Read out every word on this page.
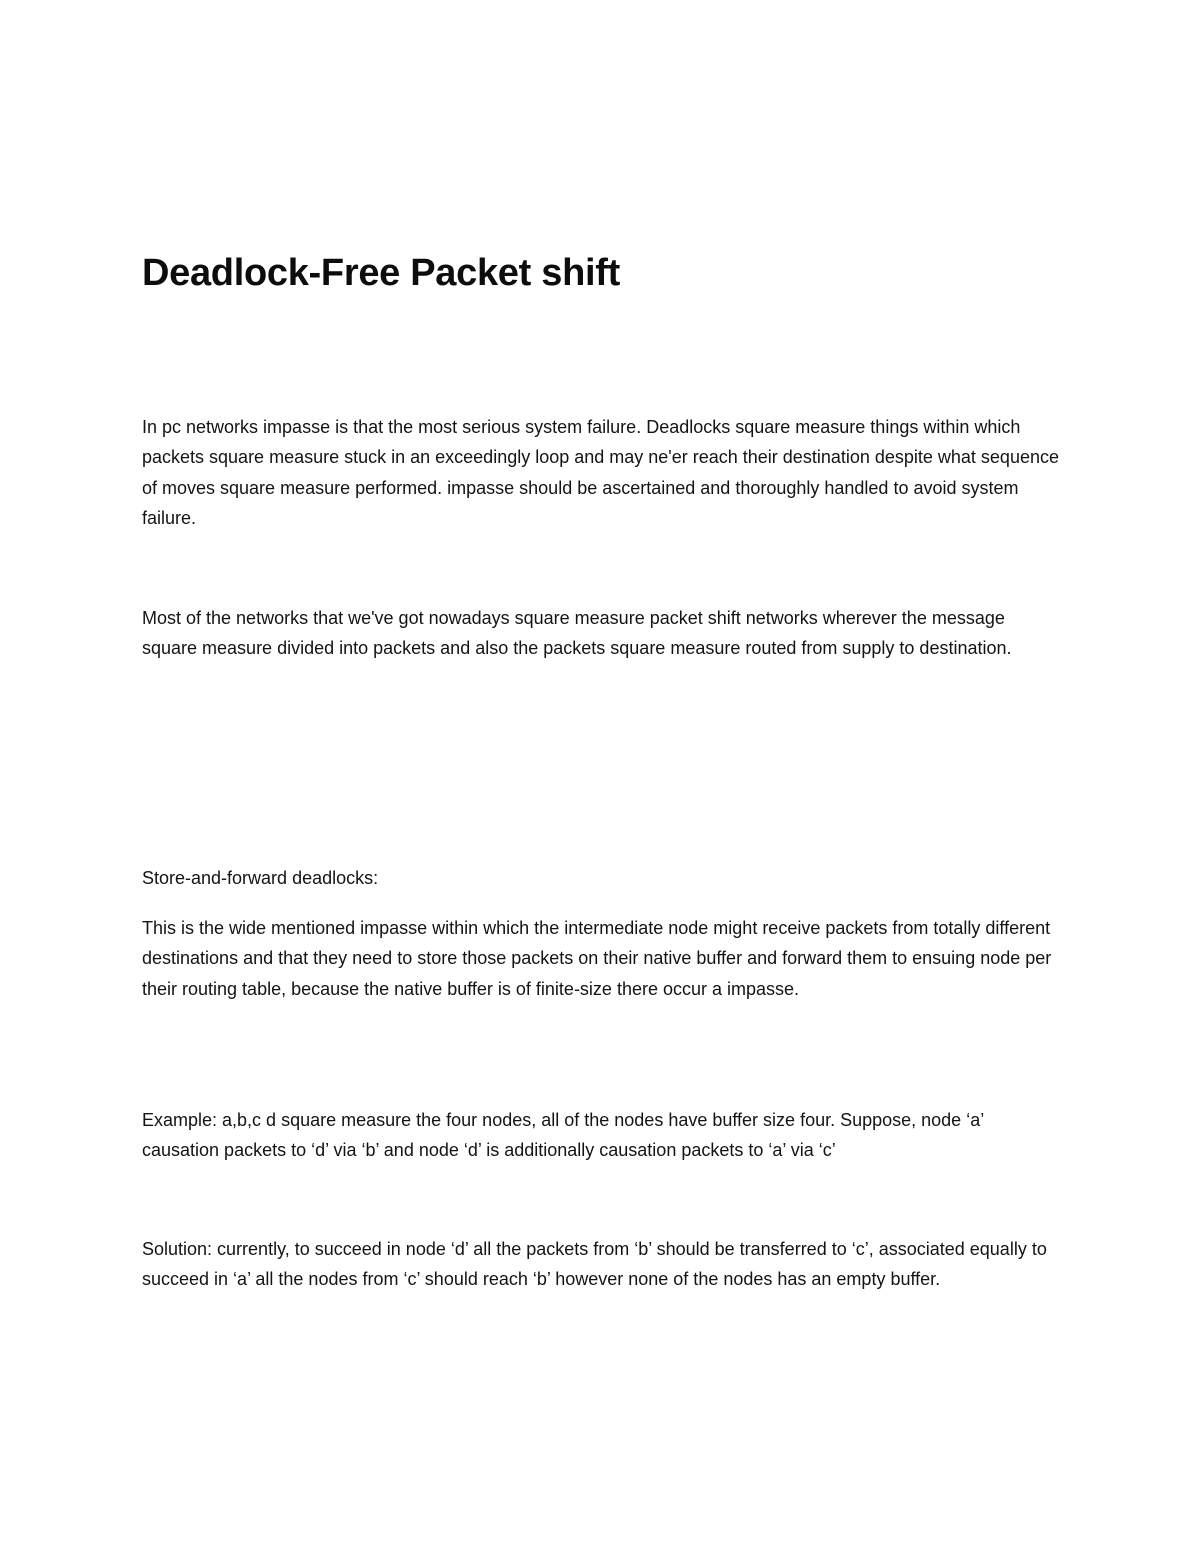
Deadlock-Free Packet shift

In pc networks impasse is that the most serious system failure. Deadlocks square measure things within which packets square measure stuck in an exceedingly loop and may ne'er reach their destination despite what sequence of moves square measure performed. impasse should be ascertained and thoroughly handled to avoid system failure.

Most of the networks that we've got nowadays square measure packet shift networks wherever the message square measure divided into packets and also the packets square measure routed from supply to destination.

Store-and-forward deadlocks:

This is the wide mentioned impasse within which the intermediate node might receive packets from totally different destinations and that they need to store those packets on their native buffer and forward them to ensuing node per their routing table, because the native buffer is of finite-size there occur a impasse.

Example: a,b,c d square measure the four nodes, all of the nodes have buffer size four. Suppose, node ‘a’ causation packets to ‘d’ via ‘b’ and node ‘d’ is additionally causation packets to ‘a’ via ‘c’

Solution: currently, to succeed in node ‘d’ all the packets from ‘b’ should be transferred to ‘c’, associated equally to succeed in ‘a’ all the nodes from ‘c’ should reach ‘b’ however none of the nodes has an empty buffer.
